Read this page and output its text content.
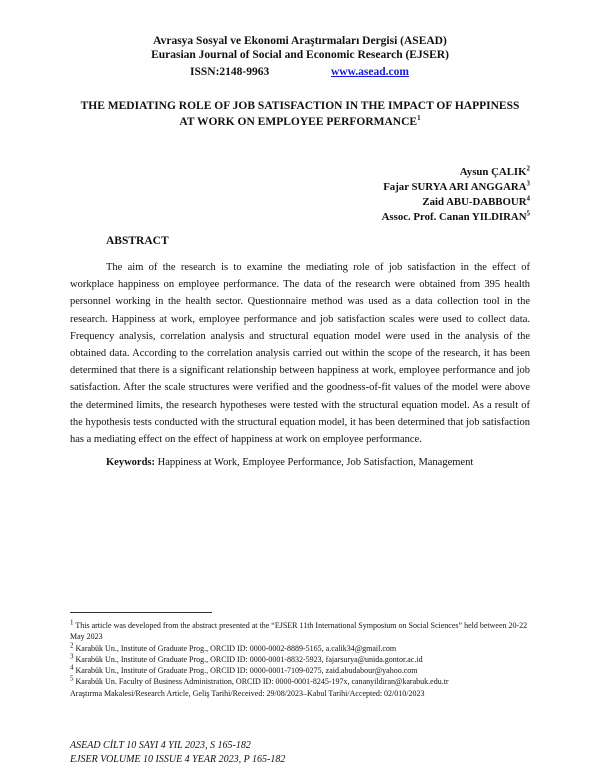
Avrasya Sosyal ve Ekonomi Araştırmaları Dergisi (ASEAD)
Eurasian Journal of Social and Economic Research (EJSER)
ISSN:2148-9963	www.asead.com
THE MEDIATING ROLE OF JOB SATISFACTION IN THE IMPACT OF HAPPINESS
AT WORK ON EMPLOYEE PERFORMANCE$^1$
Aysun ÇALIK$^2$
Fajar SURYA ARI ANGGARA$^3$
Zaid ABU-DABBOUR$^4$
Assoc. Prof. Canan YILDIRAN$^5$
ABSTRACT
The aim of the research is to examine the mediating role of job satisfaction in the effect of workplace happiness on employee performance. The data of the research were obtained from 395 health personnel working in the health sector. Questionnaire method was used as a data collection tool in the research. Happiness at work, employee performance and job satisfaction scales were used to collect data. Frequency analysis, correlation analysis and structural equation model were used in the analysis of the obtained data. According to the correlation analysis carried out within the scope of the research, it has been determined that there is a significant relationship between happiness at work, employee performance and job satisfaction. After the scale structures were verified and the goodness-of-fit values of the model were above the determined limits, the research hypotheses were tested with the structural equation model. As a result of the hypothesis tests conducted with the structural equation model, it has been determined that job satisfaction has a mediating effect on the effect of happiness at work on employee performance.
Keywords: Happiness at Work, Employee Performance, Job Satisfaction, Management
$^1$ This article was developed from the abstract presented at the “EJSER 11th International Symposium on Social Sciences” held between 20-22 May 2023
$^2$ Karabük Un., Institute of Graduate Prog., ORCID ID: 0000-0002-8889-5165, a.calik34@gmail.com
$^3$ Karabük Un., Institute of Graduate Prog., ORCID ID: 0000-0001-8832-5923, fajarsurya@unida.gontor.ac.id
$^4$ Karabük Un., Institute of Graduate Prog., ORCID ID: 0000-0001-7109-0275, zaid.abudabour@yahoo.com
$^5$ Karabük Un. Faculty of Business Administration, ORCID ID: 0000-0001-8245-197x, cananyildiran@karabuk.edu.tr
Araştırma Makalesi/Research Article, Geliş Tarihi/Received: 29/08/2023–Kabul Tarihi/Accepted: 02/010/2023
ASEAD CİLT 10 SAYI 4 YIL 2023, S 165-182
EJSER VOLUME 10 ISSUE 4 YEAR 2023, P 165-182
